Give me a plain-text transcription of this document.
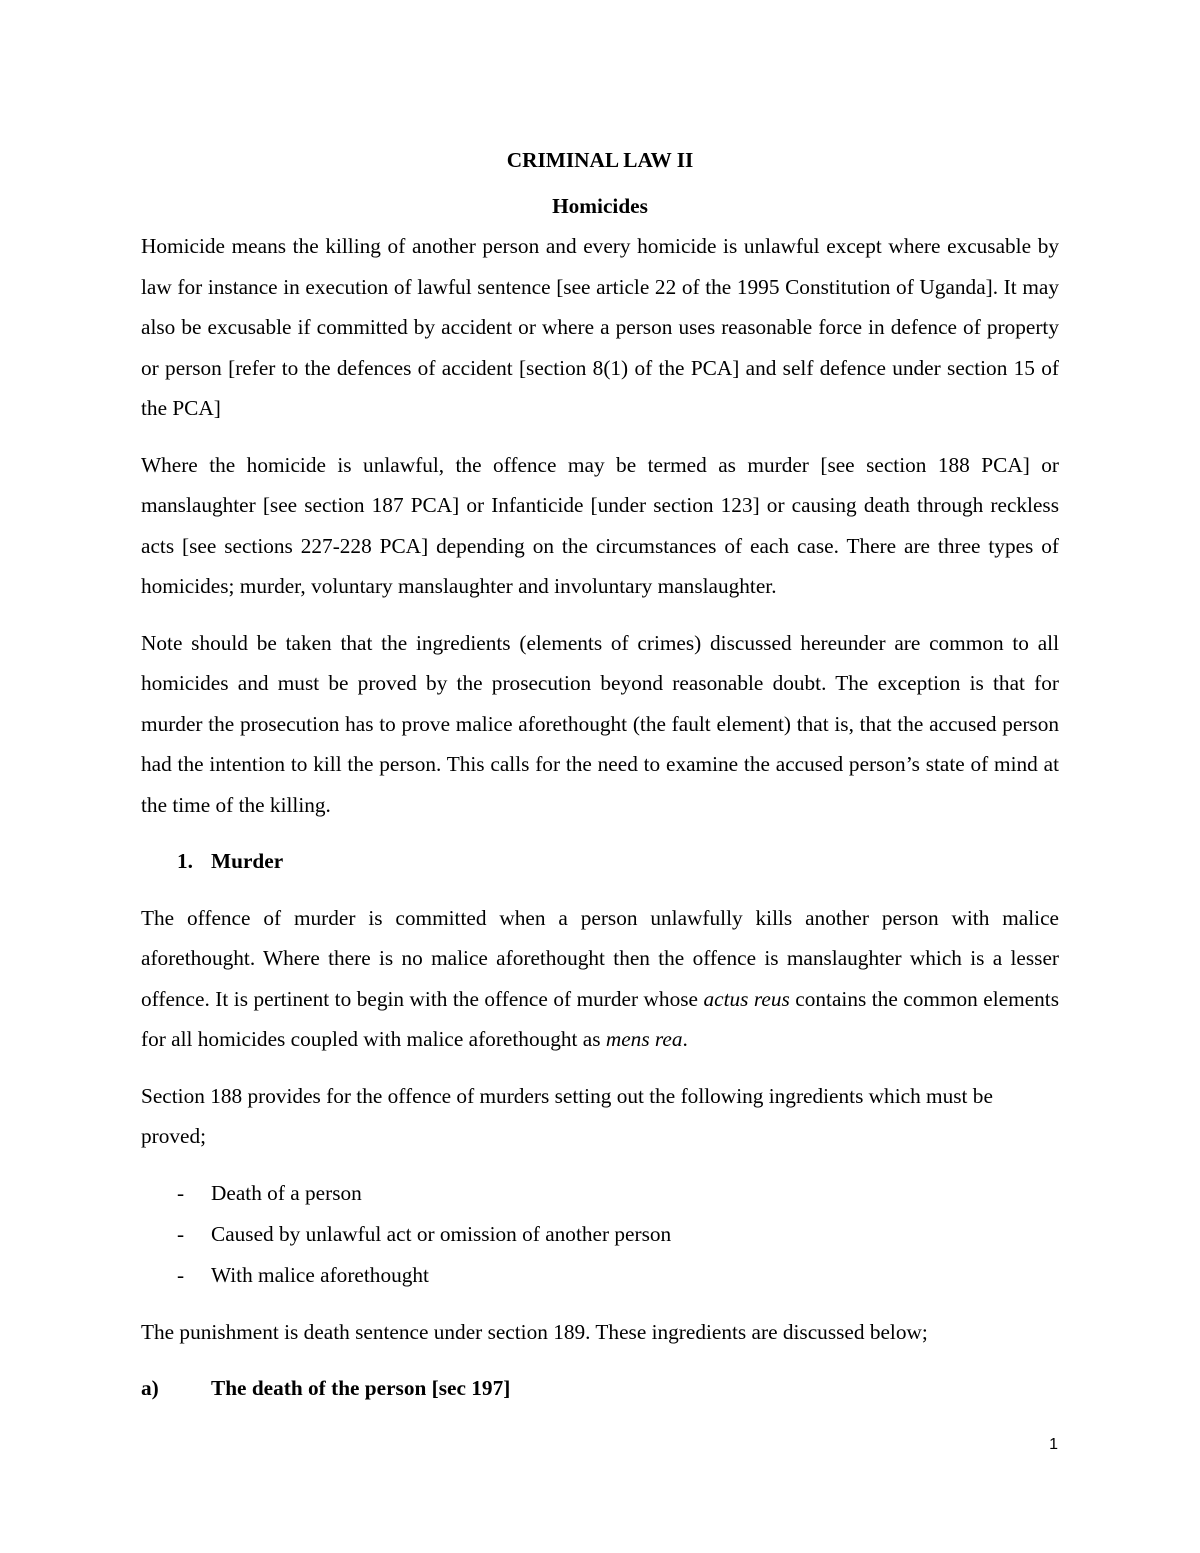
CRIMINAL LAW II

Homicides

Homicide means the killing of another person and every homicide is unlawful except where excusable by law for instance in execution of lawful sentence [see article 22 of the 1995 Constitution of Uganda]. It may also be excusable if committed by accident or where a person uses reasonable force in defence of property or person [refer to the defences of accident [section 8(1) of the PCA] and self defence under section 15 of the PCA]

Where the homicide is unlawful, the offence may be termed as murder [see section 188 PCA] or manslaughter [see section 187 PCA] or Infanticide [under section 123] or causing death through reckless acts [see sections 227-228 PCA] depending on the circumstances of each case. There are three types of homicides; murder, voluntary manslaughter and involuntary manslaughter.

Note should be taken that the ingredients (elements of crimes) discussed hereunder are common to all homicides and must be proved by the prosecution beyond reasonable doubt. The exception is that for murder the prosecution has to prove malice aforethought (the fault element) that is, that the accused person had the intention to kill the person. This calls for the need to examine the accused person’s state of mind at the time of the killing.

1. Murder

The offence of murder is committed when a person unlawfully kills another person with malice aforethought. Where there is no malice aforethought then the offence is manslaughter which is a lesser offence. It is pertinent to begin with the offence of murder whose actus reus contains the common elements for all homicides coupled with malice aforethought as mens rea.

Section 188 provides for the offence of murders setting out the following ingredients which must be proved;

-	Death of a person
-	Caused by unlawful act or omission of another person
-	With malice aforethought

The punishment is death sentence under section 189. These ingredients are discussed below;

a)	The death of the person [sec 197]
1
